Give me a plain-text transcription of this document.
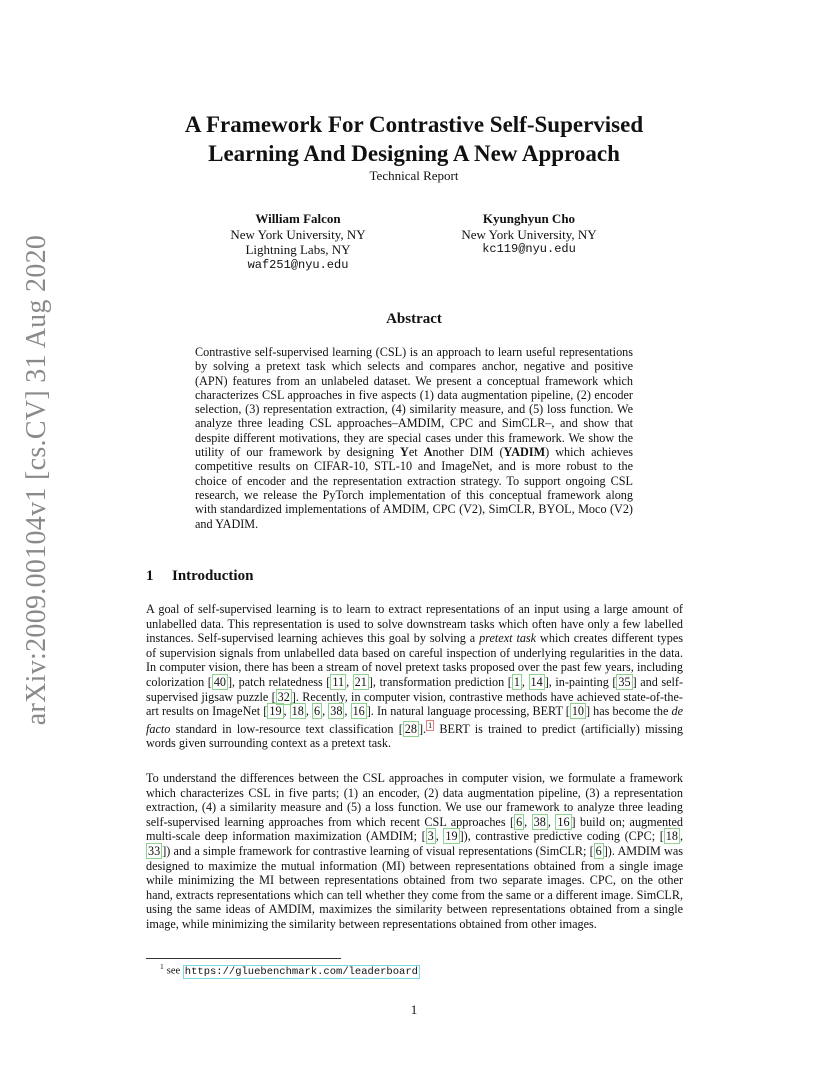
arXiv:2009.00104v1 [cs.CV] 31 Aug 2020
A Framework For Contrastive Self-Supervised
Learning And Designing A New Approach
Technical Report
William Falcon
New York University, NY
Lightning Labs, NY
waf251@nyu.edu
Kyunghyun Cho
New York University, NY
kc119@nyu.edu
Abstract
Contrastive self-supervised learning (CSL) is an approach to learn useful representations by solving a pretext task which selects and compares anchor, negative and positive (APN) features from an unlabeled dataset. We present a conceptual framework which characterizes CSL approaches in five aspects (1) data augmentation pipeline, (2) encoder selection, (3) representation extraction, (4) similarity measure, and (5) loss function. We analyze three leading CSL approaches–AMDIM, CPC and SimCLR–, and show that despite different motivations, they are special cases under this framework. We show the utility of our framework by designing Yet Another DIM (YADIM) which achieves competitive results on CIFAR-10, STL-10 and ImageNet, and is more robust to the choice of encoder and the representation extraction strategy. To support ongoing CSL research, we release the PyTorch implementation of this conceptual framework along with standardized implementations of AMDIM, CPC (V2), SimCLR, BYOL, Moco (V2) and YADIM.
1 Introduction

A goal of self-supervised learning is to learn to extract representations of an input using a large amount of unlabelled data. This representation is used to solve downstream tasks which often have only a few labelled instances. Self-supervised learning achieves this goal by solving a pretext task which creates different types of supervision signals from unlabelled data based on careful inspection of underlying regularities in the data. In computer vision, there has been a stream of novel pretext tasks proposed over the past few years, including colorization [ 40 ], patch relatedness [ 11 , 21 ], transformation prediction [ 1 , 14 ], in-painting [ 35 ] and self-supervised jigsaw puzzle [ 32 ]. Recently, in computer vision, contrastive methods have achieved state-of-the-art results on ImageNet [ 19 , 18 , 6 , 38 , 16 ]. In natural language processing, BERT [ 10 ] has become the de facto standard in low-resource text classification [ 28 ]. $^1$ BERT is trained to predict (artificially) missing words given surrounding context as a pretext task.

To understand the differences between the CSL approaches in computer vision, we formulate a framework which characterizes CSL in five parts; (1) an encoder, (2) data augmentation pipeline, (3) a representation extraction, (4) a similarity measure and (5) a loss function. We use our framework to analyze three leading self-supervised learning approaches from which recent CSL approaches [ 6 , 38 , 16 ] build on; augmented multi-scale deep information maximization (AMDIM; [ 3 , 19 ]), contrastive predictive coding (CPC; [ 18 , 33 ]) and a simple framework for contrastive learning of visual representations (SimCLR; [ 6 ]). AMDIM was designed to maximize the mutual information (MI) between representations obtained from a single image while minimizing the MI between representations obtained from two separate images. CPC, on the other hand, extracts representations which can tell whether they come from the same or a different image. SimCLR, using the same ideas of AMDIM, maximizes the similarity between representations obtained from a single image, while minimizing the similarity between representations obtained from other images.

$^1$ see https://gluebenchmark.com/leaderboard
1
